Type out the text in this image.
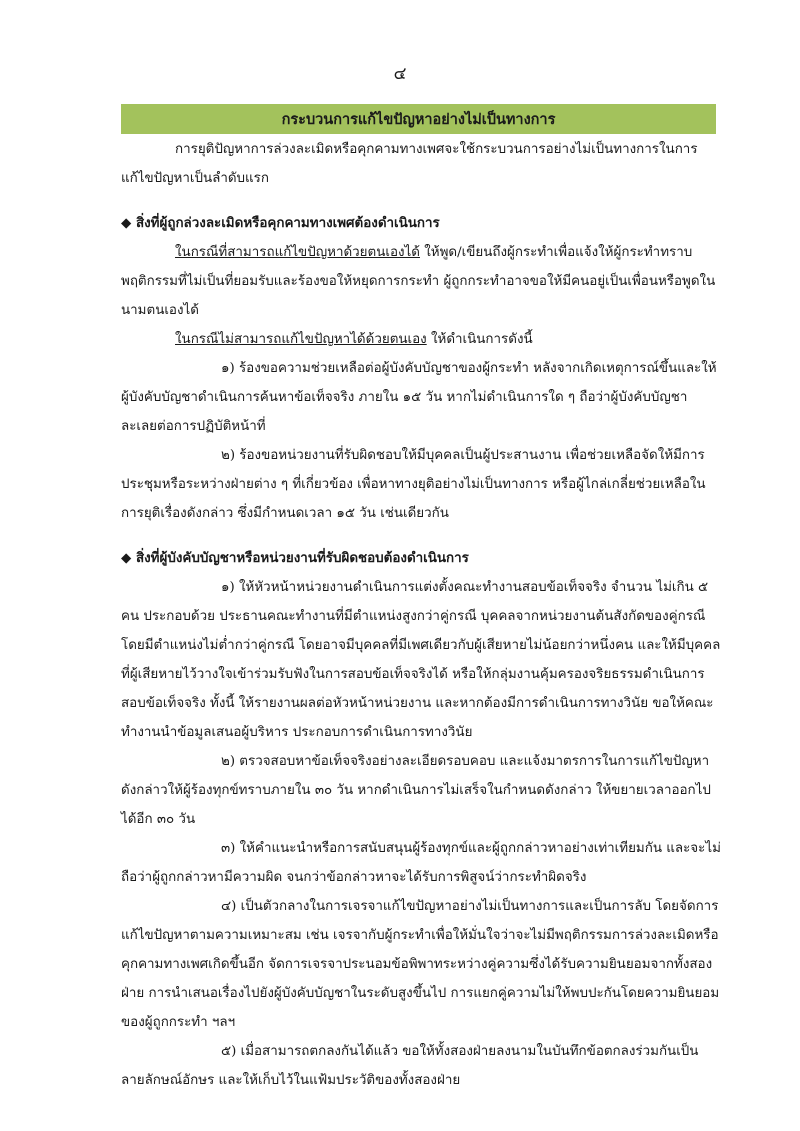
๔
กระบวนการแก้ไขปัญหาอย่างไม่เป็นทางการ

การยุติปัญหาการล่วงละเมิดหรือคุกคามทางเพศจะใช้กระบวนการอย่างไม่เป็นทางการในการแก้ไขปัญหาเป็นลำดับแรก

◆ สิ่งที่ผู้ถูกล่วงละเมิดหรือคุกคามทางเพศต้องดำเนินการ

ในกรณีที่สามารถแก้ไขปัญหาด้วยตนเองได้ ให้พูด/เขียนถึงผู้กระทำเพื่อแจ้งให้ผู้กระทำทราบพฤติกรรมที่ไม่เป็นที่ยอมรับและร้องขอให้หยุดการกระทำ ผู้ถูกกระทำอาจขอให้มีคนอยู่เป็นเพื่อนหรือพูดในนามตนเองได้

ในกรณีไม่สามารถแก้ไขปัญหาได้ด้วยตนเอง ให้ดำเนินการดังนี้

๑) ร้องขอความช่วยเหลือต่อผู้บังคับบัญชาของผู้กระทำ หลังจากเกิดเหตุการณ์ขึ้นและให้ผู้บังคับบัญชาดำเนินการค้นหาข้อเท็จจริง ภายใน ๑๕ วัน หากไม่ดำเนินการใด ๆ ถือว่าผู้บังคับบัญชาละเลยต่อการปฏิบัติหน้าที่

๒) ร้องขอหน่วยงานที่รับผิดชอบให้มีบุคคลเป็นผู้ประสานงาน เพื่อช่วยเหลือจัดให้มีการประชุมหรือระหว่างฝ่ายต่าง ๆ ที่เกี่ยวข้อง เพื่อหาทางยุติอย่างไม่เป็นทางการ หรือผู้ไกล่เกลี่ยช่วยเหลือในการยุติเรื่องดังกล่าว ซึ่งมีกำหนดเวลา ๑๕ วัน เช่นเดียวกัน

◆ สิ่งที่ผู้บังคับบัญชาหรือหน่วยงานที่รับผิดชอบต้องดำเนินการ

๑) ให้หัวหน้าหน่วยงานดำเนินการแต่งตั้งคณะทำงานสอบข้อเท็จจริง จำนวน ไม่เกิน ๕ คน ประกอบด้วย ประธานคณะทำงานที่มีตำแหน่งสูงกว่าคู่กรณี บุคคลจากหน่วยงานต้นสังกัดของคู่กรณีโดยมีตำแหน่งไม่ต่ำกว่าคู่กรณี โดยอาจมีบุคคลที่มีเพศเดียวกับผู้เสียหายไม่น้อยกว่าหนึ่งคน และให้มีบุคคลที่ผู้เสียหายไว้วางใจเข้าร่วมรับฟังในการสอบข้อเท็จจริงได้ หรือให้กลุ่มงานคุ้มครองจริยธรรมดำเนินการสอบข้อเท็จจริง ทั้งนี้ ให้รายงานผลต่อหัวหน้าหน่วยงาน และหากต้องมีการดำเนินการทางวินัย ขอให้คณะทำงานนำข้อมูลเสนอผู้บริหาร ประกอบการดำเนินการทางวินัย

๒) ตรวจสอบหาข้อเท็จจริงอย่างละเอียดรอบคอบ และแจ้งมาตรการในการแก้ไขปัญหาดังกล่าวให้ผู้ร้องทุกข์ทราบภายใน ๓๐ วัน หากดำเนินการไม่เสร็จในกำหนดดังกล่าว ให้ขยายเวลาออกไปได้อีก ๓๐ วัน

๓) ให้คำแนะนำหรือการสนับสนุนผู้ร้องทุกข์และผู้ถูกกล่าวหาอย่างเท่าเทียมกัน และจะไม่ถือว่าผู้ถูกกล่าวหามีความผิด จนกว่าข้อกล่าวหาจะได้รับการพิสูจน์ว่ากระทำผิดจริง

๔) เป็นตัวกลางในการเจรจาแก้ไขปัญหาอย่างไม่เป็นทางการและเป็นการลับ โดยจัดการแก้ไขปัญหาตามความเหมาะสม เช่น เจรจากับผู้กระทำเพื่อให้มั่นใจว่าจะไม่มีพฤติกรรมการล่วงละเมิดหรือคุกคามทางเพศเกิดขึ้นอีก จัดการเจรจาประนอมข้อพิพาทระหว่างคู่ความซึ่งได้รับความยินยอมจากทั้งสองฝ่าย การนำเสนอเรื่องไปยังผู้บังคับบัญชาในระดับสูงขึ้นไป การแยกคู่ความไม่ให้พบปะกันโดยความยินยอมของผู้ถูกกระทำ ฯลฯ

๕) เมื่อสามารถตกลงกันได้แล้ว ขอให้ทั้งสองฝ่ายลงนามในบันทึกข้อตกลงร่วมกันเป็นลายลักษณ์อักษร และให้เก็บไว้ในแฟ้มประวัติของทั้งสองฝ่าย
